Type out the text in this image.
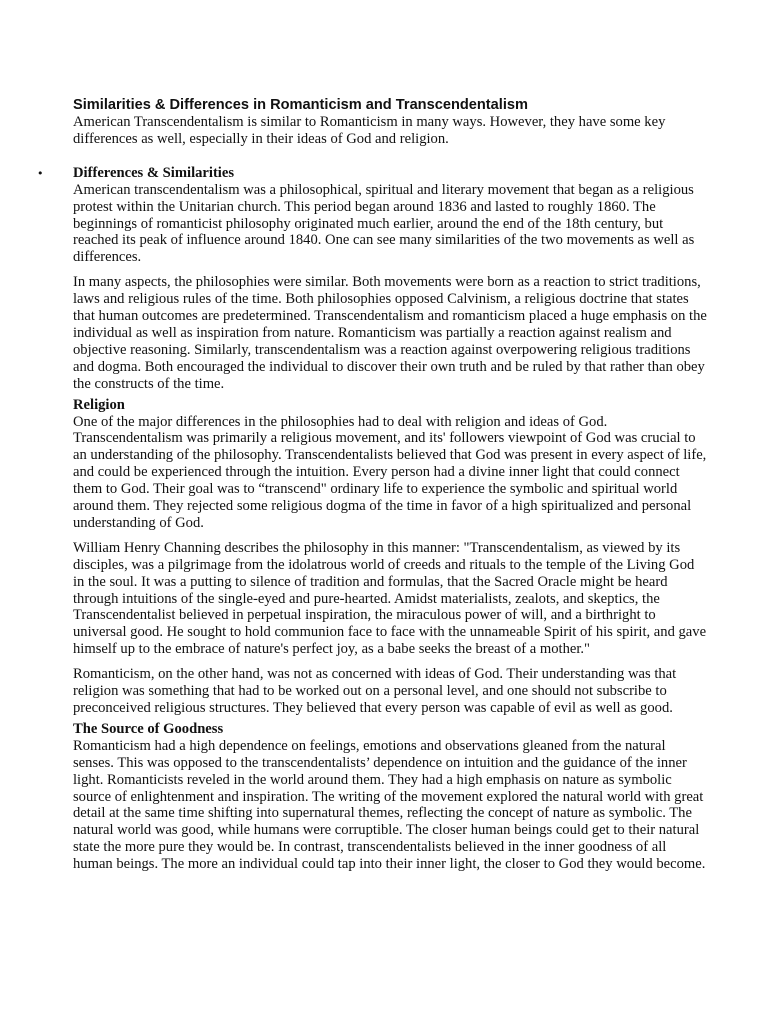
Similarities & Differences in Romanticism and Transcendentalism

American Transcendentalism is similar to Romanticism in many ways. However, they have some key differences as well, especially in their ideas of God and religion.

• Differences & Similarities

American transcendentalism was a philosophical, spiritual and literary movement that began as a religious protest within the Unitarian church. This period began around 1836 and lasted to roughly 1860. The beginnings of romanticist philosophy originated much earlier, around the end of the 18th century, but reached its peak of influence around 1840. One can see many similarities of the two movements as well as differences.

In many aspects, the philosophies were similar. Both movements were born as a reaction to strict traditions, laws and religious rules of the time. Both philosophies opposed Calvinism, a religious doctrine that states that human outcomes are predetermined. Transcendentalism and romanticism placed a huge emphasis on the individual as well as inspiration from nature. Romanticism was partially a reaction against realism and objective reasoning. Similarly, transcendentalism was a reaction against overpowering religious traditions and dogma. Both encouraged the individual to discover their own truth and be ruled by that rather than obey the constructs of the time.

Religion

One of the major differences in the philosophies had to deal with religion and ideas of God. Transcendentalism was primarily a religious movement, and its' followers viewpoint of God was crucial to an understanding of the philosophy. Transcendentalists believed that God was present in every aspect of life, and could be experienced through the intuition. Every person had a divine inner light that could connect them to God. Their goal was to “transcend" ordinary life to experience the symbolic and spiritual world around them. They rejected some religious dogma of the time in favor of a high spiritualized and personal understanding of God.

William Henry Channing describes the philosophy in this manner: "Transcendentalism, as viewed by its disciples, was a pilgrimage from the idolatrous world of creeds and rituals to the temple of the Living God in the soul. It was a putting to silence of tradition and formulas, that the Sacred Oracle might be heard through intuitions of the single-eyed and pure-hearted. Amidst materialists, zealots, and skeptics, the Transcendentalist believed in perpetual inspiration, the miraculous power of will, and a birthright to universal good. He sought to hold communion face to face with the unnameable Spirit of his spirit, and gave himself up to the embrace of nature's perfect joy, as a babe seeks the breast of a mother."

Romanticism, on the other hand, was not as concerned with ideas of God. Their understanding was that religion was something that had to be worked out on a personal level, and one should not subscribe to preconceived religious structures. They believed that every person was capable of evil as well as good.

The Source of Goodness

Romanticism had a high dependence on feelings, emotions and observations gleaned from the natural senses. This was opposed to the transcendentalists’ dependence on intuition and the guidance of the inner light. Romanticists reveled in the world around them. They had a high emphasis on nature as symbolic source of enlightenment and inspiration. The writing of the movement explored the natural world with great detail at the same time shifting into supernatural themes, reflecting the concept of nature as symbolic. The natural world was good, while humans were corruptible. The closer human beings could get to their natural state the more pure they would be. In contrast, transcendentalists believed in the inner goodness of all human beings. The more an individual could tap into their inner light, the closer to God they would become.
